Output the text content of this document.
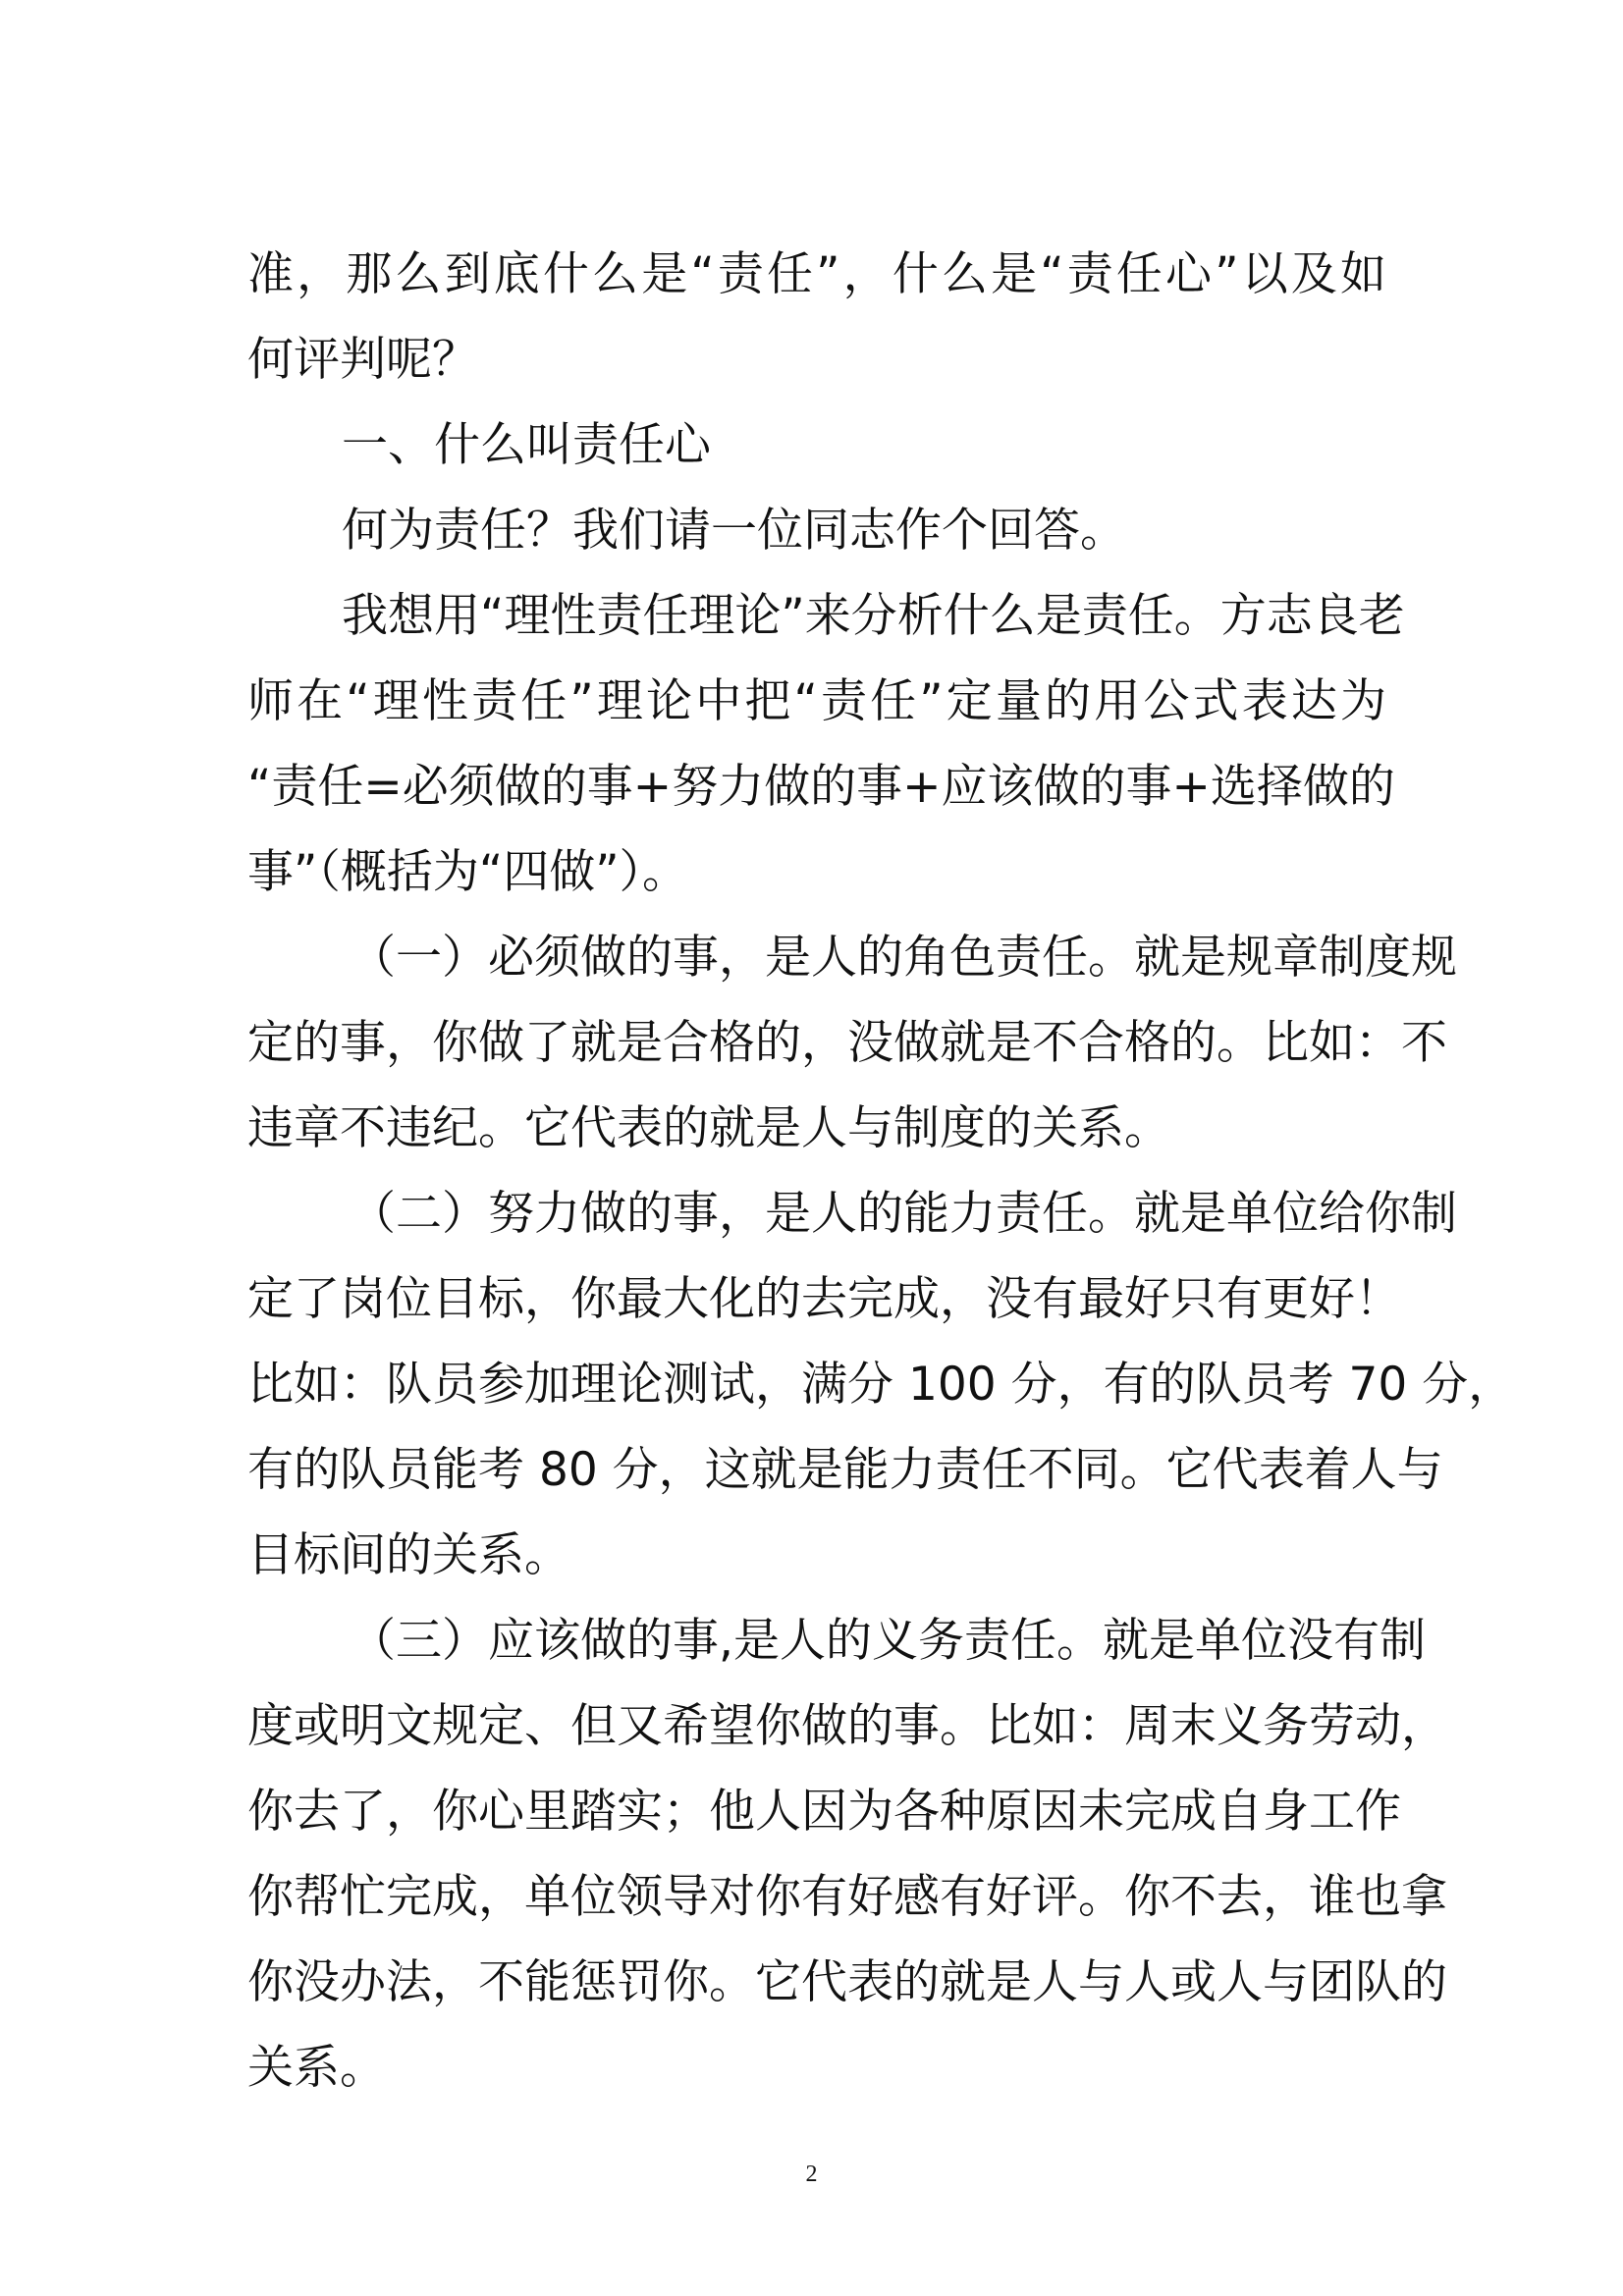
准，那么到底什么是“责任”，什么是“责任心”以及如
何评判呢？
一、什么叫责任心
何为责任？我们请一位同志作个回答。
我想用“理性责任理论”来分析什么是责任。方志良老
师在“理性责任”理论中把“责任”定量的用公式表达为
“责任=必须做的事+努力做的事+应该做的事+选择做的
事”（概括为“四做”）。
（一）必须做的事，是人的角色责任。就是规章制度规
定的事，你做了就是合格的，没做就是不合格的。比如：不
违章不违纪。它代表的就是人与制度的关系。
（二）努力做的事，是人的能力责任。就是单位给你制
定了岗位目标，你最大化的去完成，没有最好只有更好！
比如：队员参加理论测试，满分 100 分，有的队员考 70 分，
有的队员能考 80 分，这就是能力责任不同。它代表着人与
目标间的关系。
（三）应该做的事,是人的义务责任。就是单位没有制
度或明文规定、但又希望你做的事。比如：周末义务劳动，
你去了，你心里踏实；他人因为各种原因未完成自身工作
你帮忙完成，单位领导对你有好感有好评。你不去，谁也拿
你没办法，不能惩罚你。它代表的就是人与人或人与团队的
关系。
2
